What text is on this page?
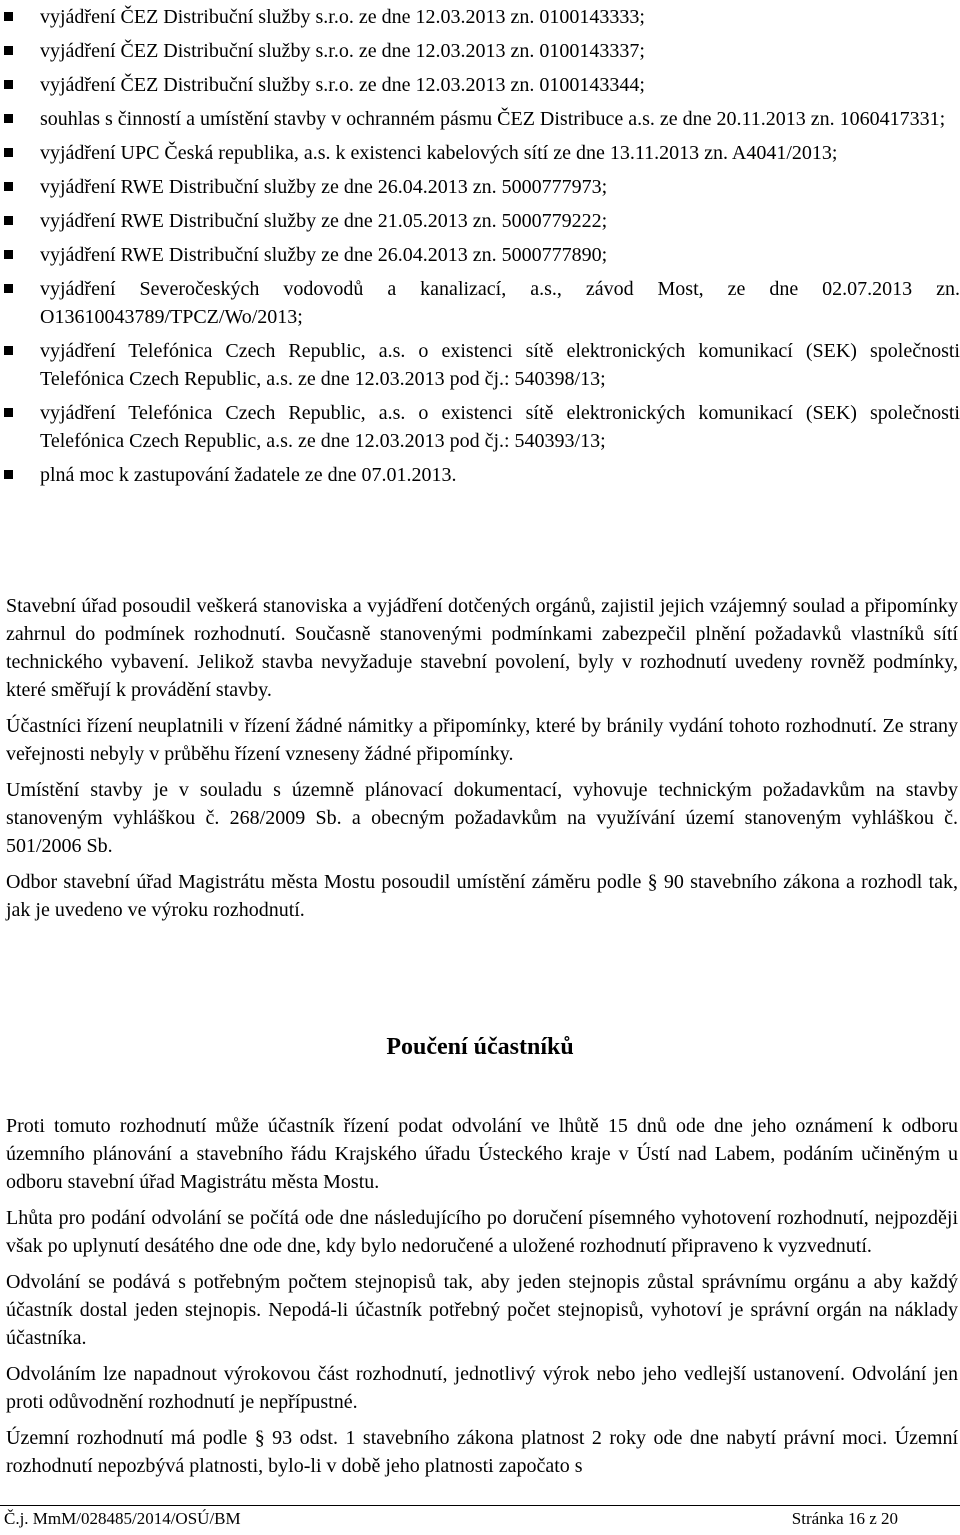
vyjádření ČEZ Distribuční služby s.r.o. ze dne 12.03.2013 zn. 0100143333;
vyjádření ČEZ Distribuční služby s.r.o. ze dne 12.03.2013 zn. 0100143337;
vyjádření ČEZ Distribuční služby s.r.o. ze dne 12.03.2013 zn. 0100143344;
souhlas s činností a umístění stavby v ochranném pásmu ČEZ Distribuce a.s. ze dne 20.11.2013 zn. 1060417331;
vyjádření UPC Česká republika, a.s. k existenci kabelových sítí ze dne 13.11.2013 zn. A4041/2013;
vyjádření RWE Distribuční služby ze dne 26.04.2013 zn. 5000777973;
vyjádření RWE Distribuční služby ze dne 21.05.2013 zn. 5000779222;
vyjádření RWE Distribuční služby ze dne 26.04.2013 zn. 5000777890;
vyjádření Severočeských vodovodů a kanalizací, a.s., závod Most, ze dne 02.07.2013 zn. O13610043789/TPCZ/Wo/2013;
vyjádření Telefónica Czech Republic, a.s. o existenci sítě elektronických komunikací (SEK) společnosti Telefónica Czech Republic, a.s. ze dne 12.03.2013 pod čj.: 540398/13;
vyjádření Telefónica Czech Republic, a.s. o existenci sítě elektronických komunikací (SEK) společnosti Telefónica Czech Republic, a.s. ze dne 12.03.2013 pod čj.: 540393/13;
plná moc k zastupování žadatele ze dne 07.01.2013.

Stavební úřad posoudil veškerá stanoviska a vyjádření dotčených orgánů, zajistil jejich vzájemný soulad a připomínky zahrnul do podmínek rozhodnutí. Současně stanovenými podmínkami zabezpečil plnění požadavků vlastníků sítí technického vybavení. Jelikož stavba nevyžaduje stavební povolení, byly v rozhodnutí uvedeny rovněž podmínky, které směřují k provádění stavby.

Účastníci řízení neuplatnili v řízení žádné námitky a připomínky, které by bránily vydání tohoto rozhodnutí. Ze strany veřejnosti nebyly v průběhu řízení vzneseny žádné připomínky.

Umístění stavby je v souladu s územně plánovací dokumentací, vyhovuje technickým požadavkům na stavby stanoveným vyhláškou č. 268/2009 Sb. a obecným požadavkům na využívání území stanoveným vyhláškou č. 501/2006 Sb.

Odbor stavební úřad Magistrátu města Mostu posoudil umístění záměru podle § 90 stavebního zákona a rozhodl tak, jak je uvedeno ve výroku rozhodnutí.

Poučení účastníků

Proti tomuto rozhodnutí může účastník řízení podat odvolání ve lhůtě 15 dnů ode dne jeho oznámení k odboru územního plánování a stavebního řádu Krajského úřadu Ústeckého kraje v Ústí nad Labem, podáním učiněným u odboru stavební úřad Magistrátu města Mostu.

Lhůta pro podání odvolání se počítá ode dne následujícího po doručení písemného vyhotovení rozhodnutí, nejpozději však po uplynutí desátého dne ode dne, kdy bylo nedoručené a uložené rozhodnutí připraveno k vyzvednutí.

Odvolání se podává s potřebným počtem stejnopisů tak, aby jeden stejnopis zůstal správnímu orgánu a aby každý účastník dostal jeden stejnopis. Nepodá-li účastník potřebný počet stejnopisů, vyhotoví je správní orgán na náklady účastníka.

Odvoláním lze napadnout výrokovou část rozhodnutí, jednotlivý výrok nebo jeho vedlejší ustanovení. Odvolání jen proti odůvodnění rozhodnutí je nepřípustné.

Územní rozhodnutí má podle § 93 odst. 1 stavebního zákona platnost 2 roky ode dne nabytí právní moci. Územní rozhodnutí nepozbývá platnosti, bylo-li v době jeho platnosti započato s

Č.j. MmM/028485/2014/OSÚ/BM	Stránka 16 z 20
